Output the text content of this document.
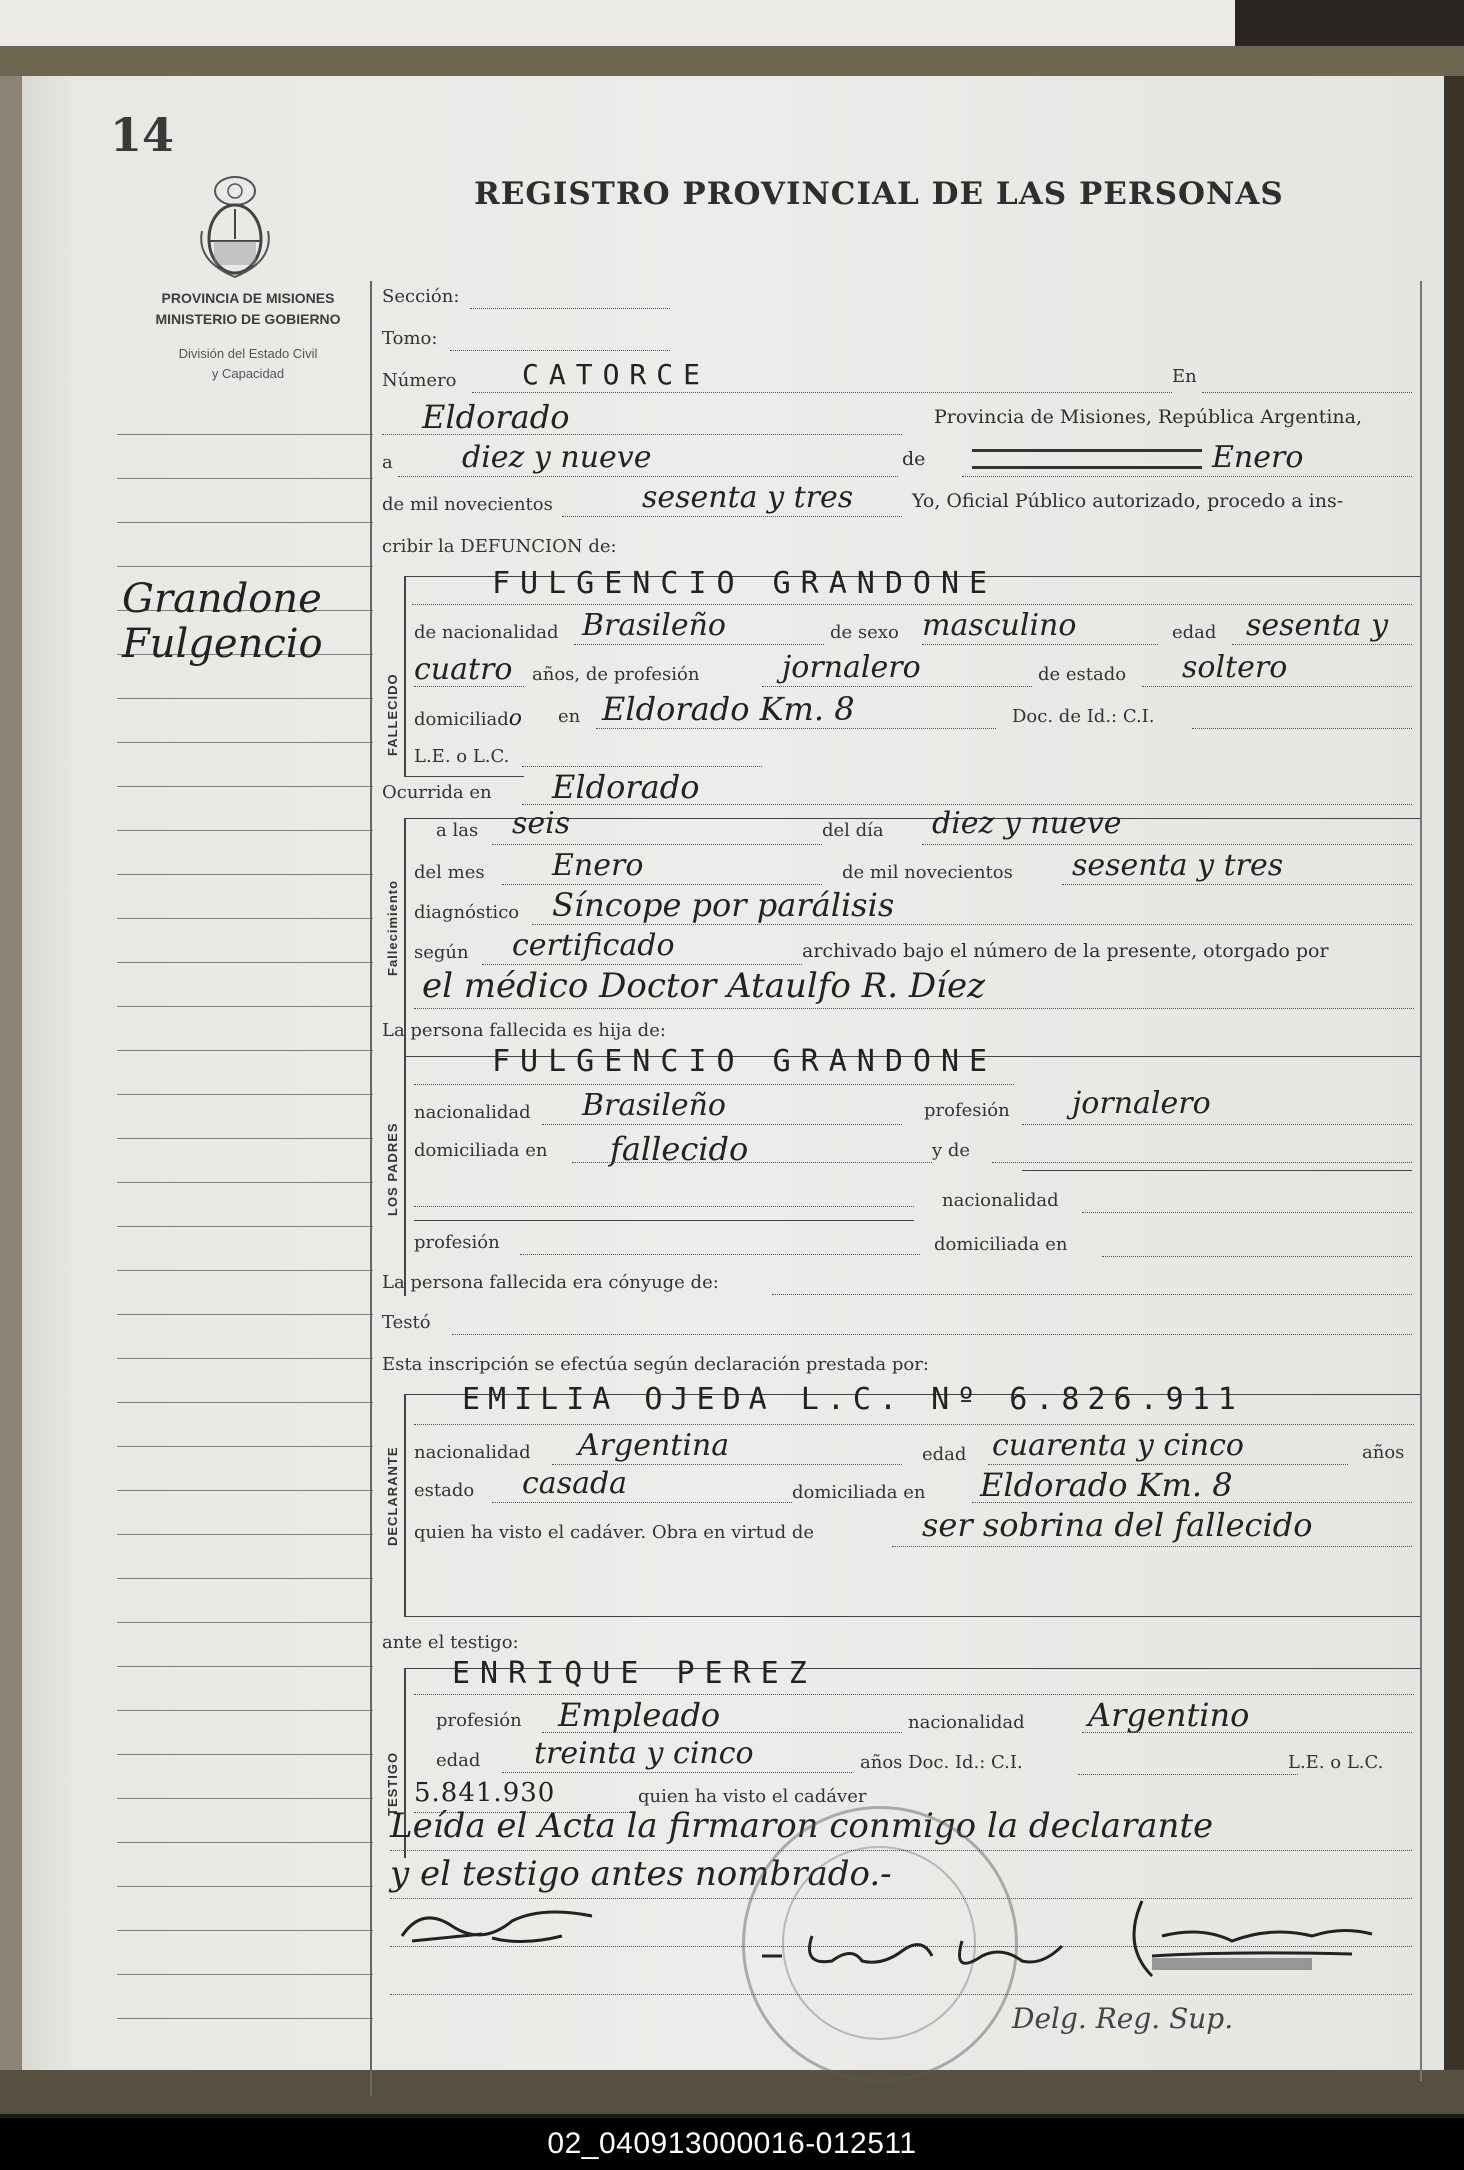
14
REGISTRO PROVINCIAL DE LAS PERSONAS
PROVINCIA DE MISIONES
MINISTERIO DE GOBIERNO
División del Estado Civil
y Capacidad
Grandone
Fulgencio
Sección:
Tomo:
Número CATORCE	En
Eldorado	Provincia de Misiones, República Argentina,
a diez y nueve	de	Enero
de mil novecientos	sesenta y tres	Yo, Oficial Público autorizado, procedo a ins-
cribir la DEFUNCION de:
FALLECIDO
FULGENCIO GRANDONE
de nacionalidad Brasileño	de sexo masculino	edad sesenta y
cuatro años, de profesión	jornalero	de estado soltero
domiciliado en Eldorado Km. 8	Doc. de Id.: C.I.
L.E. o L.C.
Ocurrida en Eldorado
Fallecimiento
a las seis	del día diez y nueve
del mes Enero	de mil novecientos sesenta y tres
diagnóstico Síncope por parálisis
según certificado	archivado bajo el número de la presente, otorgado por
el médico Doctor Ataulfo R. Díez
La persona fallecida es hija de:
LOS PADRES
FULGENCIO GRANDONE
nacionalidad Brasileño	profesión jornalero
domiciliada en fallecido	y de
nacionalidad
profesión	domiciliada en
La persona fallecida era cónyuge de:
Testó
Esta inscripción se efectúa según declaración prestada por:
DECLARANTE
EMILIA OJEDA L.C. Nº 6.826.911
nacionalidad Argentina	edad cuarenta y cinco	años
estado casada	domiciliada en Eldorado Km. 8
quien ha visto el cadáver. Obra en virtud de	ser sobrina del fallecido
ante el testigo:
TESTIGO
ENRIQUE PEREZ
profesión Empleado	nacionalidad Argentino
edad treinta y cinco	años Doc. Id.: C.I.	L.E. o L.C.
5.841.930	quien ha visto el cadáver
Leída el Acta la firmaron conmigo la declarante
y el testigo antes nombrado.-
Delg. Reg. Sup.
02_040913000016-012511
